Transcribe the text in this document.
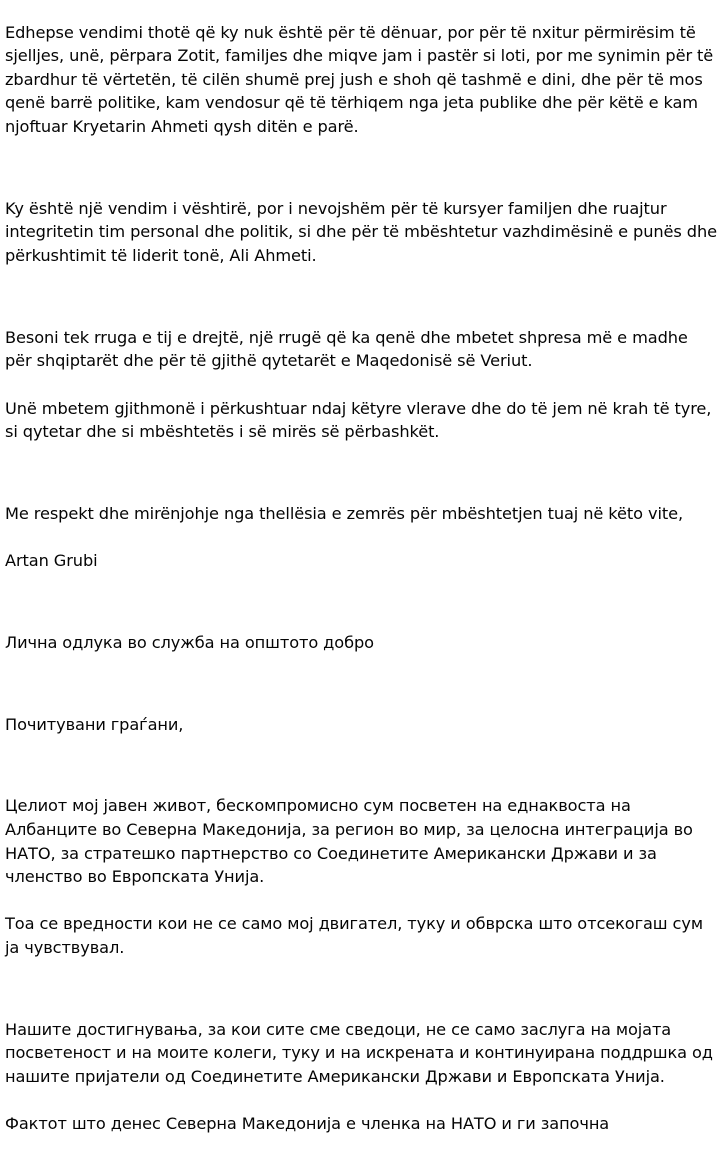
Edhepse vendimi thotë që ky nuk është për të dënuar, por për të nxitur përmirësim të sjelljes, unë, përpara Zotit, familjes dhe miqve jam i pastër si loti, por me synimin për të zbardhur të vërtetën, të cilën shumë prej jush e shoh që tashmë e dini, dhe për të mos qenë barrë politike, kam vendosur që të tërhiqem nga jeta publike dhe për këtë e kam njoftuar Kryetarin Ahmeti qysh ditën e parë.

Ky është një vendim i vështirë, por i nevojshëm për të kursyer familjen dhe ruajtur integritetin tim personal dhe politik, si dhe për të mbështetur vazhdimësinë e punës dhe përkushtimit të liderit tonë, Ali Ahmeti.

Besoni tek rruga e tij e drejtë, një rrugë që ka qenë dhe mbetet shpresa më e madhe për shqiptarët dhe për të gjithë qytetarët e Maqedonisë së Veriut.

Unë mbetem gjithmonë i përkushtuar ndaj këtyre vlerave dhe do të jem në krah të tyre, si qytetar dhe si mbështetës i së mirës së përbashkët.

Me respekt dhe mirënjohje nga thellësia e zemrës për mbështetjen tuaj në këto vite,

Artan Grubi

Лична одлука во служба на општото добро

Почитувани граѓани,

Целиот мој јавен живот, бескомпромисно сум посветен на еднаквоста на Албанците во Северна Македонија, за регион во мир, за целосна интеграција во НАТО, за стратешко партнерство со Соединетите Американски Држави и за членство во Европската Унија.

Тоа се вредности кои не се само мој двигател, туку и обврска што отсекогаш сум ја чувствувал.

Нашите достигнувања, за кои сите сме сведоци, не се само заслуга на мојата посветеност и на моите колеги, туку и на искрената и континуирана поддршка од нашите пријатели од Соединетите Американски Држави и Европската Унија.

Фактот што денес Северна Македонија е членка на НАТО и ги започна
